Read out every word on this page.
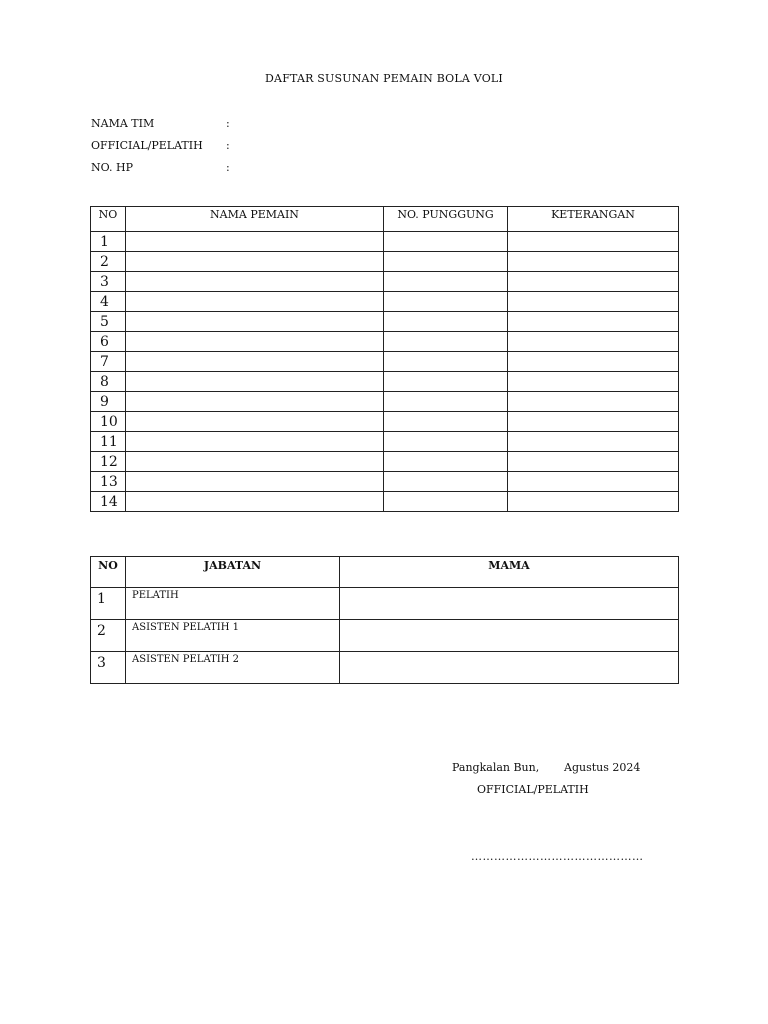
DAFTAR SUSUNAN PEMAIN BOLA VOLI
NAMA TIM	:
OFFICIAL/PELATIH :
NO. HP	:
NO	NAMA PEMAIN	NO. PUNGGUNG	KETERANGAN
1			
2			
3			
4			
5			
6			
7			
8			
9			
10			
11			
12			
13			
14			
NO	JABATAN	MAMA
1	PELATIH	
2	ASISTEN PELATIH 1	
3	ASISTEN PELATIH 2	
Pangkalan Bun, Agustus 2024
OFFICIAL/PELATIH
………………………………………
